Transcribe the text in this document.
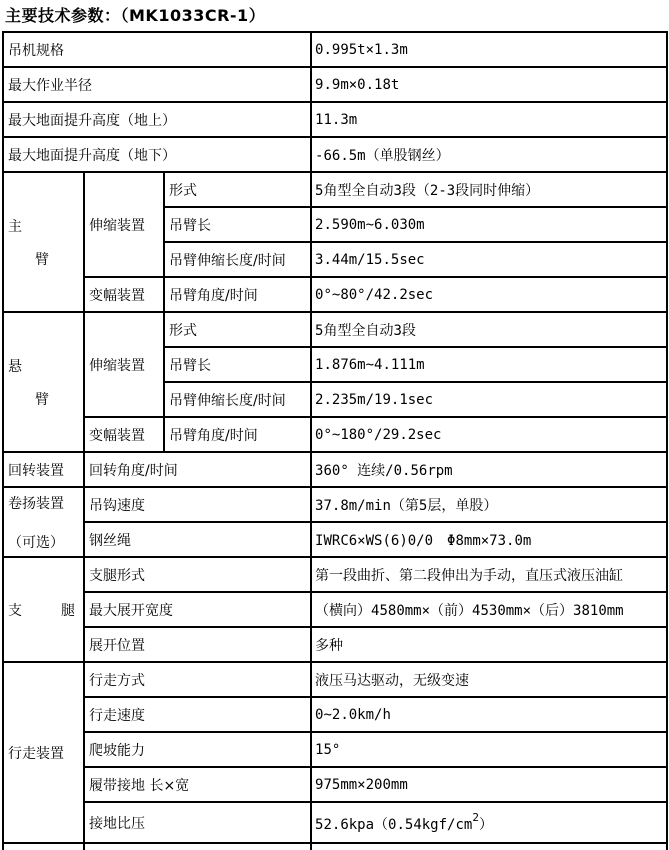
主要技术参数：（MK1033CR-1）
吊机规格			0.995t×1.3m
最大作业半径			9.9m×0.18t
最大地面提升高度（地上）			11.3m
最大地面提升高度（地下）			-66.5m（单股钢丝）

主
臂	伸缩装置	形式	5角型全自动3段（2-3段同时伸缩）
		吊臂长	2.590m~6.030m
		吊臂伸缩长度/时间	3.44m/15.5sec
	变幅装置	吊臂角度/时间	0°~80°/42.2sec

悬
臂	伸缩装置	形式	5角型全自动3段
		吊臂长	1.876m~4.111m
		吊臂伸缩长度/时间	2.235m/19.1sec
	变幅装置	吊臂角度/时间	0°~180°/29.2sec
回转装置	回转角度/时间		360° 连续/0.56rpm

卷扬装置
（可选）	吊钩速度		37.8m/min（第5层，单股）
	钢丝绳		IWRC6×WS(6)0/0　Φ8mm×73.0m

支 腿	支腿形式		第一段曲折、第二段伸出为手动，直压式液压油缸
	最大展开宽度		（横向）4580mm×（前）4530mm×（后）3810mm
	展开位置		多种
行走装置	行走方式		液压马达驱动，无级变速
	行走速度		0~2.0km/h
	爬坡能力		15°
	履带接地 长×宽		975mm×200mm
	接地比压		$52.6kpa(0.54kgf/cm^2)$
